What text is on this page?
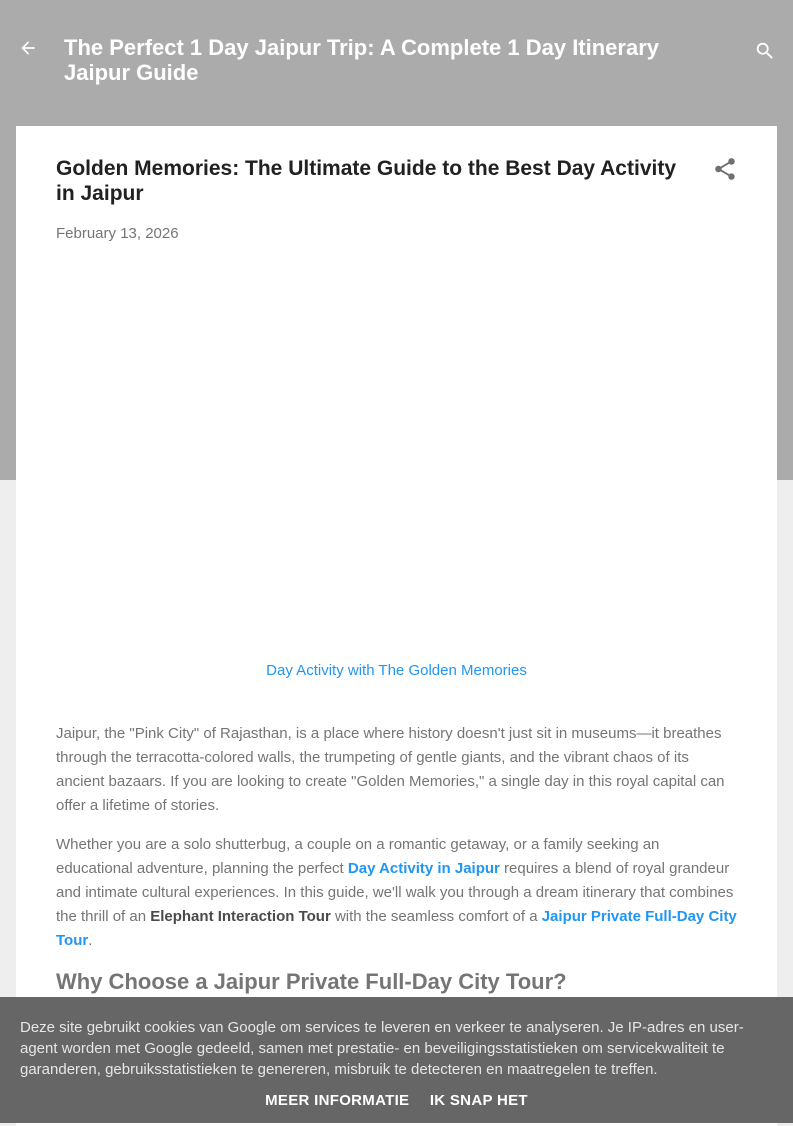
The Perfect 1 Day Jaipur Trip: A Complete 1 Day Itinerary Jaipur Guide
Golden Memories: The Ultimate Guide to the Best Day Activity in Jaipur
February 13, 2026
Day Activity with The Golden Memories

Jaipur, the "Pink City" of Rajasthan, is a place where history doesn't just sit in museums—it breathes through the terracotta-colored walls, the trumpeting of gentle giants, and the vibrant chaos of its ancient bazaars. If you are looking to create "Golden Memories," a single day in this royal capital can offer a lifetime of stories.

Whether you are a solo shutterbug, a couple on a romantic getaway, or a family seeking an educational adventure, planning the perfect Day Activity in Jaipur requires a blend of royal grandeur and intimate cultural experiences. In this guide, we'll walk you through a dream itinerary that combines the thrill of an Elephant Interaction Tour with the seamless comfort of a Jaipur Private Full-Day City Tour.

Why Choose a Jaipur Private Full-Day City Tour?

Deze site gebruikt cookies van Google om services te leveren en verkeer te analyseren. Je IP-adres en user-agent worden met Google gedeeld, samen met prestatie- en beveiligingsstatistieken om servicekwaliteit te garanderen, gebruiksstatistieken te genereren, misbruik te detecteren en maatregelen te treffen.

MEER INFORMATIE IK SNAP HET
